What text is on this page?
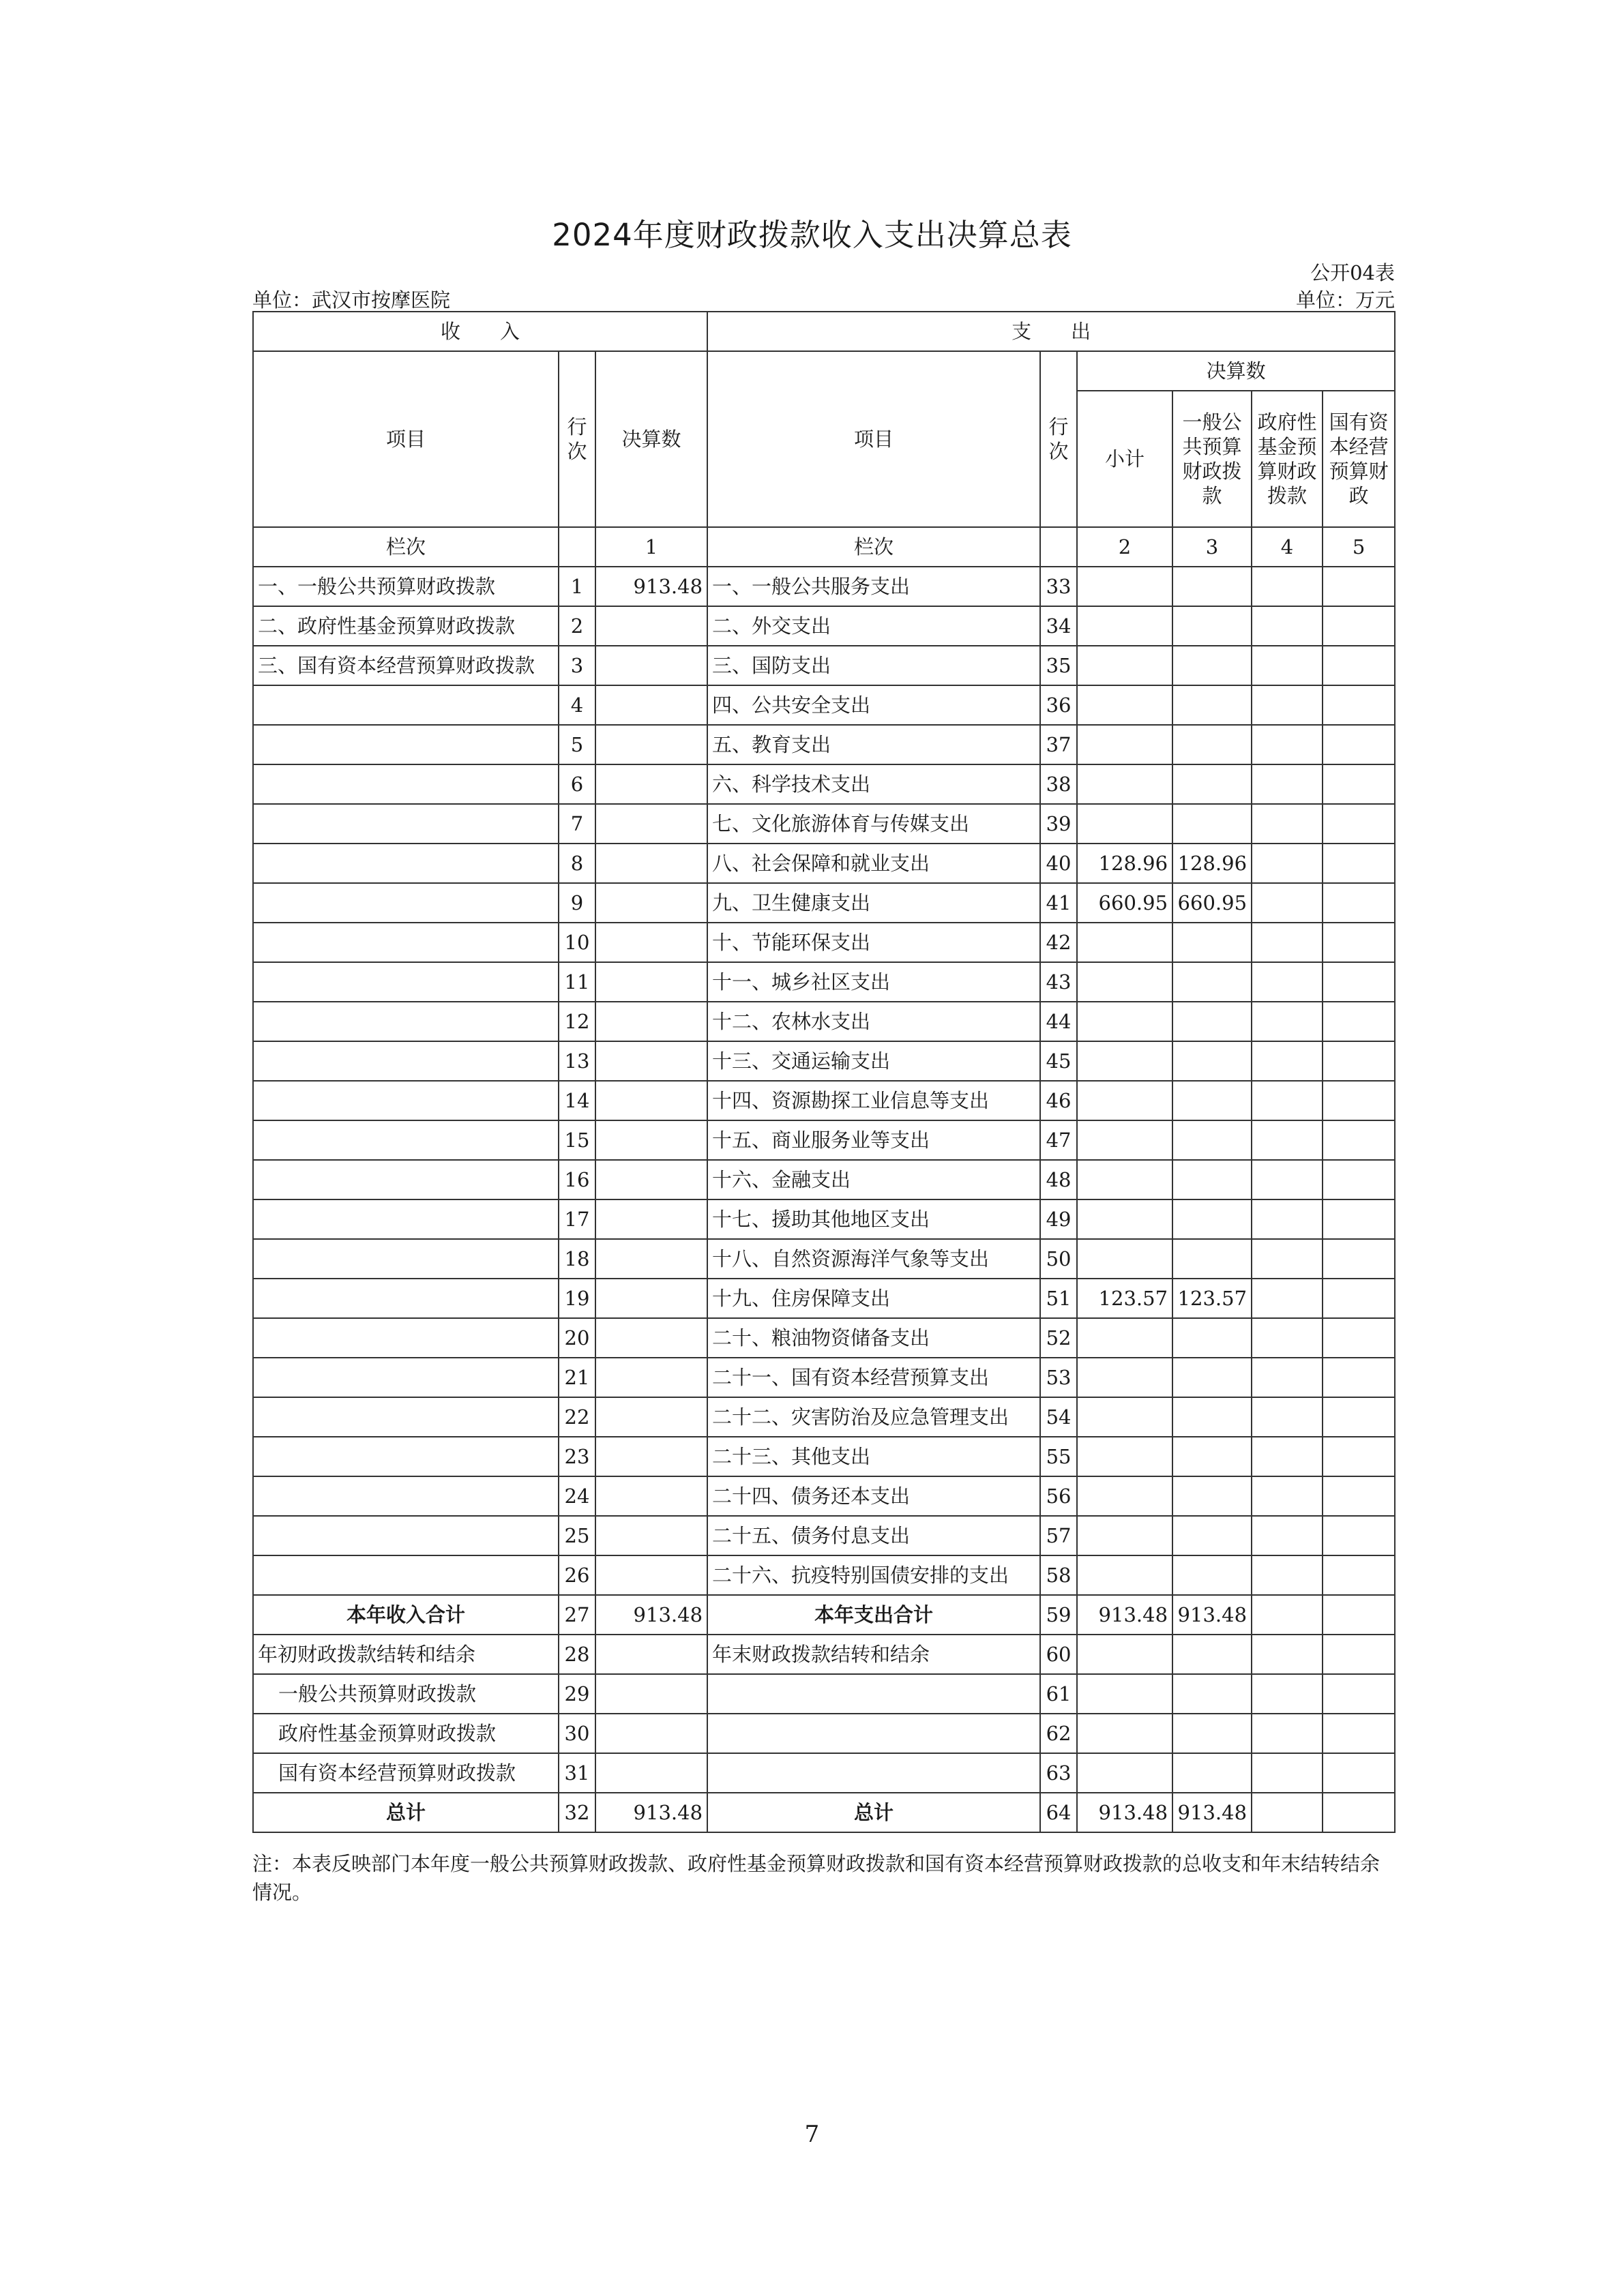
2024年度财政拨款收入支出决算总表
公开04表
单位：武汉市按摩医院	单位：万元
收　　入			支　　出					
项目	行次	决算数	项目	行次	决算数			
					小计	一般公共预算财政拨款	政府性基金预算财政拨款	国有资本经营预算财政
栏次		1	栏次		2	3	4	5
一、一般公共预算财政拨款	1	913.48	一、一般公共服务支出	33				
二、政府性基金预算财政拨款	2		二、外交支出	34				
三、国有资本经营预算财政拨款	3		三、国防支出	35				
	4		四、公共安全支出	36				
	5		五、教育支出	37				
	6		六、科学技术支出	38				
	7		七、文化旅游体育与传媒支出	39				
	8		八、社会保障和就业支出	40	128.96	128.96		
	9		九、卫生健康支出	41	660.95	660.95		
	10		十、节能环保支出	42				
	11		十一、城乡社区支出	43				
	12		十二、农林水支出	44				
	13		十三、交通运输支出	45				
	14		十四、资源勘探工业信息等支出	46				
	15		十五、商业服务业等支出	47				
	16		十六、金融支出	48				
	17		十七、援助其他地区支出	49				
	18		十八、自然资源海洋气象等支出	50				
	19		十九、住房保障支出	51	123.57	123.57		
	20		二十、粮油物资储备支出	52				
	21		二十一、国有资本经营预算支出	53				
	22		二十二、灾害防治及应急管理支出	54				
	23		二十三、其他支出	55				
	24		二十四、债务还本支出	56				
	25		二十五、债务付息支出	57				
	26		二十六、抗疫特别国债安排的支出	58				
本年收入合计	27	913.48	本年支出合计	59	913.48	913.48		
年初财政拨款结转和结余	28		年末财政拨款结转和结余	60				
一般公共预算财政拨款	29			61				
政府性基金预算财政拨款	30			62				
国有资本经营预算财政拨款	31			63				
总计	32	913.48	总计	64	913.48	913.48		
注：本表反映部门本年度一般公共预算财政拨款、政府性基金预算财政拨款和国有资本经营预算财政拨款的总收支和年末结转结余情况。
7
